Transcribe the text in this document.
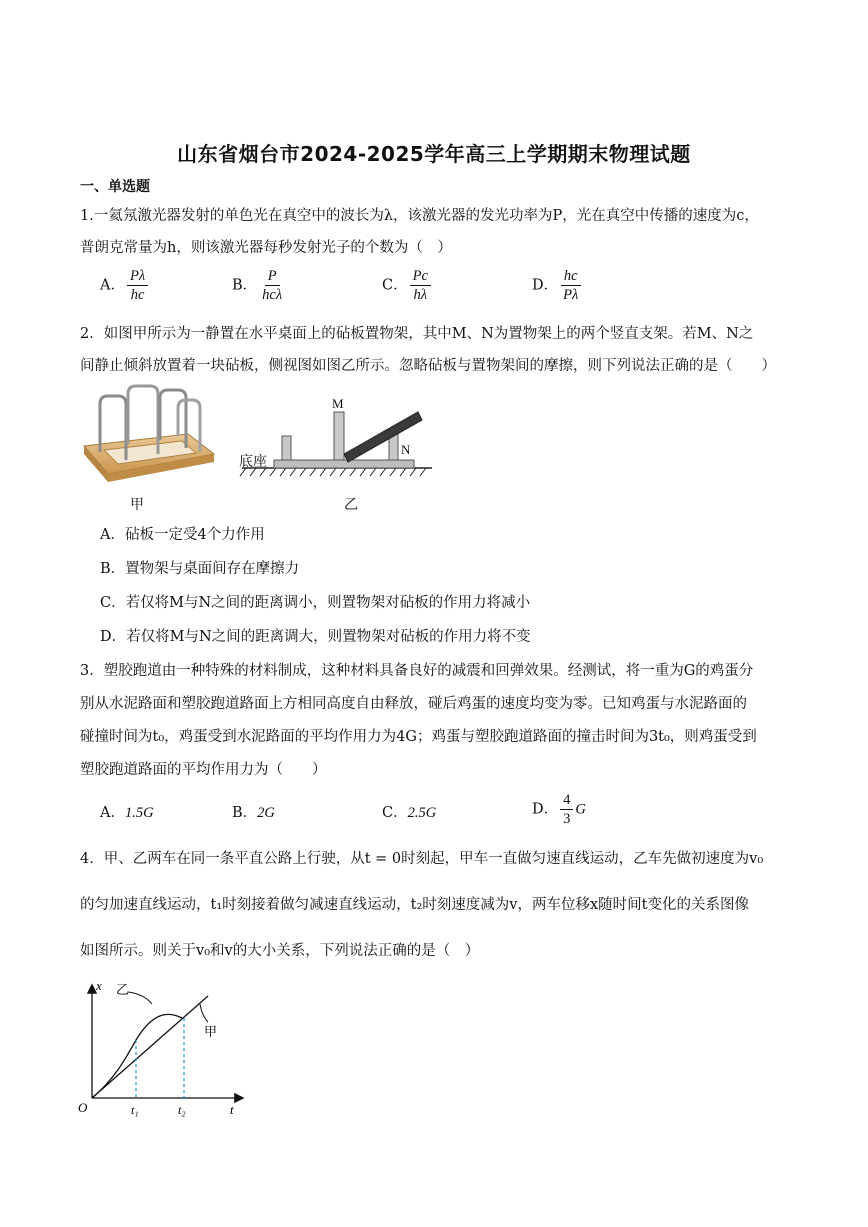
山东省烟台市2024-2025学年高三上学期期末物理试题
一、单选题
1.一氦氖激光器发射的单色光在真空中的波长为λ，该激光器的发光功率为P，光在真空中传播的速度为c，
普朗克常量为h，则该激光器每秒发射光子的个数为（　）
A． $\frac{P\lambda}{hc}$	B． $\frac{P}{\text{hcλ}}$	C． $\frac{Pc}{h\lambda}$	D． $\frac{hc}{P\lambda}$
2．如图甲所示为一静置在水平桌面上的砧板置物架，其中M、N为置物架上的两个竖直支架。若M、N之
间静止倾斜放置着一块砧板，侧视图如图乙所示。忽略砧板与置物架间的摩擦，则下列说法正确的是（　　）
甲
M
N
底座
乙
A．砧板一定受4个力作用
B．置物架与桌面间存在摩擦力
C．若仅将M与N之间的距离调小，则置物架对砧板的作用力将减小
D．若仅将M与N之间的距离调大，则置物架对砧板的作用力将不变
3．塑胶跑道由一种特殊的材料制成，这种材料具备良好的减震和回弹效果。经测试，将一重为G的鸡蛋分
别从水泥路面和塑胶跑道路面上方相同高度自由释放，碰后鸡蛋的速度均变为零。已知鸡蛋与水泥路面的
碰撞时间为t₀，鸡蛋受到水泥路面的平均作用力为4G；鸡蛋与塑胶跑道路面的撞击时间为3t₀，则鸡蛋受到
塑胶跑道路面的平均作用力为（　　）
A．1.5G	B．2G	C．2.5G	D． $\frac{4}{3}$ G
4．甲、乙两车在同一条平直公路上行驶，从t = 0时刻起，甲车一直做匀速直线运动，乙车先做初速度为v₀
的匀加速直线运动，t₁时刻接着做匀减速直线运动，t₂时刻速度减为v，两车位移x随时间t变化的关系图像
如图所示。则关于v₀和v的大小关系，下列说法正确的是（　）
x
t
O	t₁	t₂
乙
甲
